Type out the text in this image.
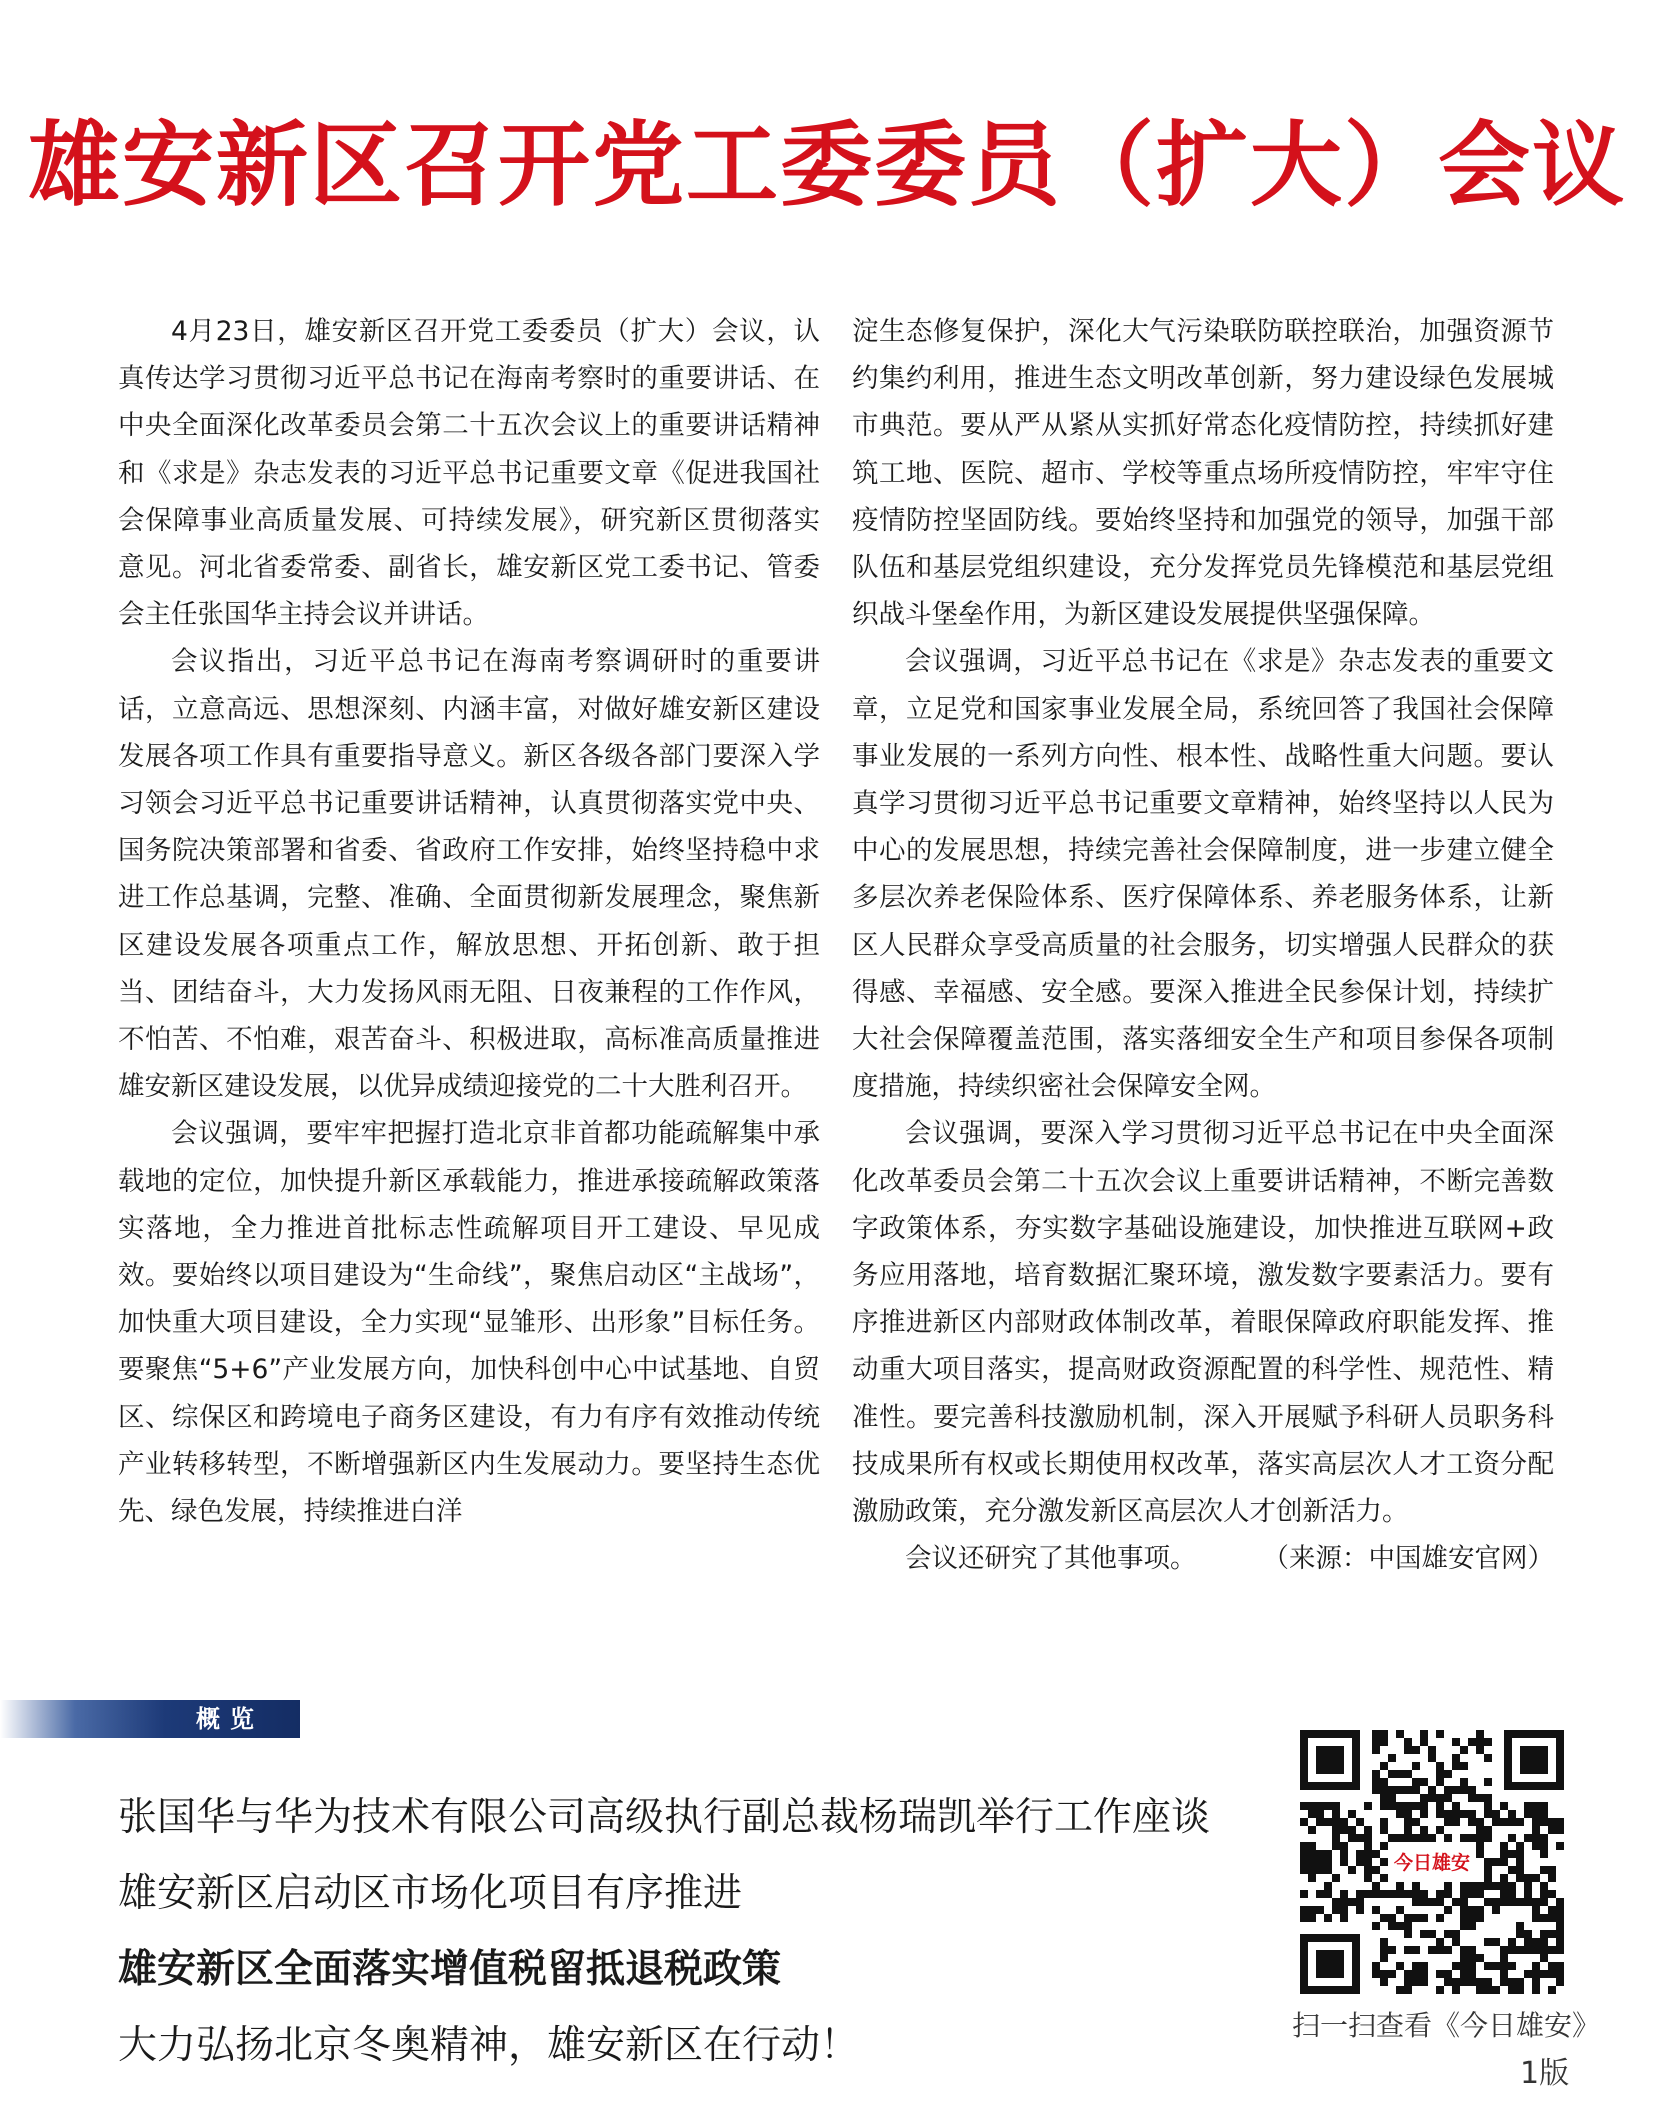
雄安新区召开党工委委员（扩大）会议

4月23日，雄安新区召开党工委委员（扩大）会议，认真传达学习贯彻习近平总书记在海南考察时的重要讲话、在中央全面深化改革委员会第二十五次会议上的重要讲话精神和《求是》杂志发表的习近平总书记重要文章《促进我国社会保障事业高质量发展、可持续发展》，研究新区贯彻落实意见。河北省委常委、副省长，雄安新区党工委书记、管委会主任张国华主持会议并讲话。

会议指出，习近平总书记在海南考察调研时的重要讲话，立意高远、思想深刻、内涵丰富，对做好雄安新区建设发展各项工作具有重要指导意义。新区各级各部门要深入学习领会习近平总书记重要讲话精神，认真贯彻落实党中央、国务院决策部署和省委、省政府工作安排，始终坚持稳中求进工作总基调，完整、准确、全面贯彻新发展理念，聚焦新区建设发展各项重点工作，解放思想、开拓创新、敢于担当、团结奋斗，大力发扬风雨无阻、日夜兼程的工作作风，不怕苦、不怕难，艰苦奋斗、积极进取，高标准高质量推进雄安新区建设发展，以优异成绩迎接党的二十大胜利召开。

会议强调，要牢牢把握打造北京非首都功能疏解集中承载地的定位，加快提升新区承载能力，推进承接疏解政策落实落地，全力推进首批标志性疏解项目开工建设、早见成效。要始终以项目建设为“生命线”，聚焦启动区“主战场”，加快重大项目建设，全力实现“显雏形、出形象”目标任务。要聚焦“5+6”产业发展方向，加快科创中心中试基地、自贸区、综保区和跨境电子商务区建设，有力有序有效推动传统产业转移转型，不断增强新区内生发展动力。要坚持生态优先、绿色发展，持续推进白洋

淀生态修复保护，深化大气污染联防联控联治，加强资源节约集约利用，推进生态文明改革创新，努力建设绿色发展城市典范。要从严从紧从实抓好常态化疫情防控，持续抓好建筑工地、医院、超市、学校等重点场所疫情防控，牢牢守住疫情防控坚固防线。要始终坚持和加强党的领导，加强干部队伍和基层党组织建设，充分发挥党员先锋模范和基层党组织战斗堡垒作用，为新区建设发展提供坚强保障。

会议强调，习近平总书记在《求是》杂志发表的重要文章，立足党和国家事业发展全局，系统回答了我国社会保障事业发展的一系列方向性、根本性、战略性重大问题。要认真学习贯彻习近平总书记重要文章精神，始终坚持以人民为中心的发展思想，持续完善社会保障制度，进一步建立健全多层次养老保险体系、医疗保障体系、养老服务体系，让新区人民群众享受高质量的社会服务，切实增强人民群众的获得感、幸福感、安全感。要深入推进全民参保计划，持续扩大社会保障覆盖范围，落实落细安全生产和项目参保各项制度措施，持续织密社会保障安全网。

会议强调，要深入学习贯彻习近平总书记在中央全面深化改革委员会第二十五次会议上重要讲话精神，不断完善数字政策体系，夯实数字基础设施建设，加快推进互联网+政务应用落地，培育数据汇聚环境，激发数字要素活力。要有序推进新区内部财政体制改革，着眼保障政府职能发挥、推动重大项目落实，提高财政资源配置的科学性、规范性、精准性。要完善科技激励机制，深入开展赋予科研人员职务科技成果所有权或长期使用权改革，落实高层次人才工资分配激励政策，充分激发新区高层次人才创新活力。

会议还研究了其他事项。	（来源：中国雄安官网）

概览
张国华与华为技术有限公司高级执行副总裁杨瑞凯举行工作座谈
雄安新区启动区市场化项目有序推进
雄安新区全面落实增值税留抵退税政策
大力弘扬北京冬奥精神，雄安新区在行动！
今日雄安
扫一扫查看《今日雄安》
1版
